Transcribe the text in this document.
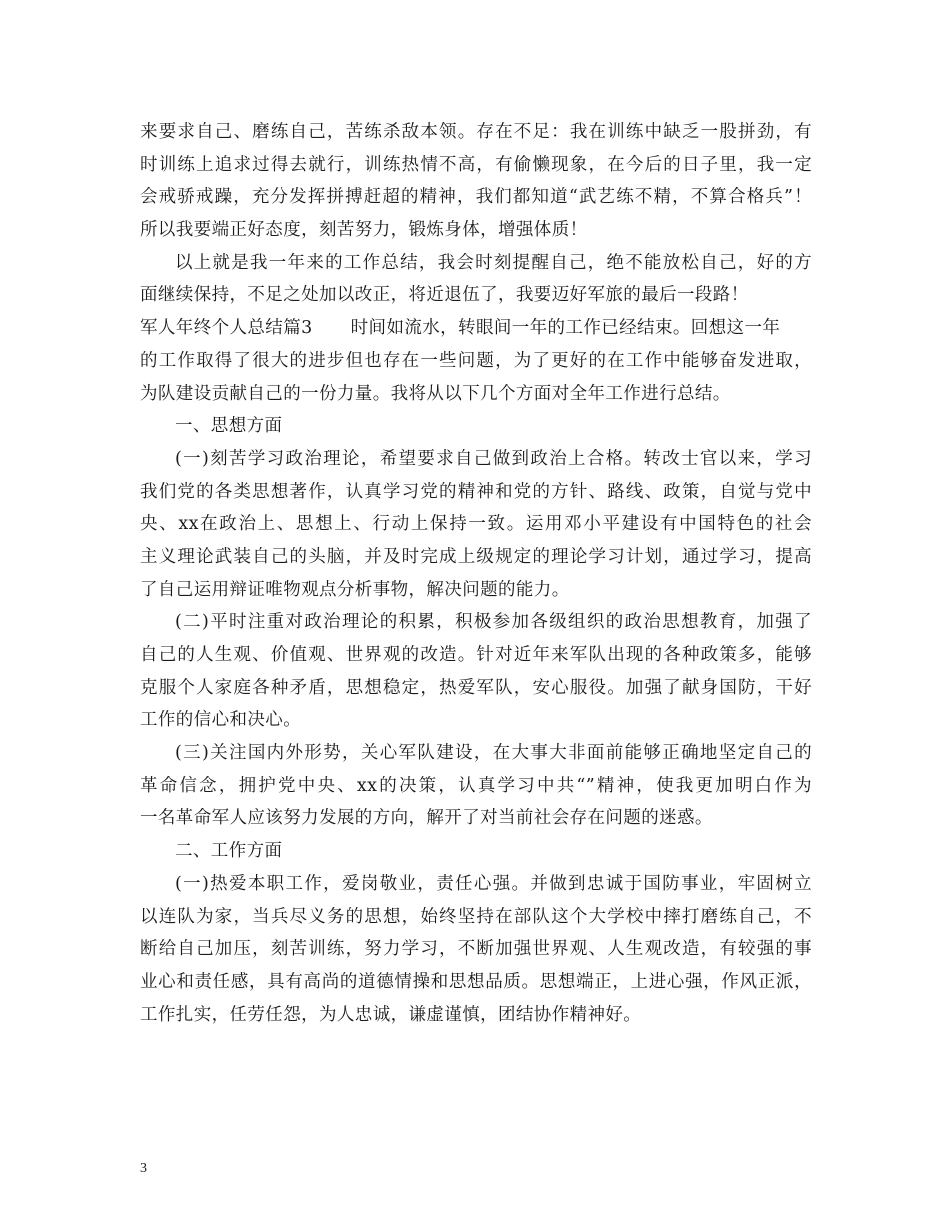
来要求自己、磨练自己，苦练杀敌本领。存在不足：我在训练中缺乏一股拼劲，有
时训练上追求过得去就行，训练热情不高，有偷懒现象，在今后的日子里，我一定
会戒骄戒躁，充分发挥拼搏赶超的精神，我们都知道“武艺练不精，不算合格兵”！
所以我要端正好态度，刻苦努力，锻炼身体，增强体质！
以上就是我一年来的工作总结，我会时刻提醒自己，绝不能放松自己，好的方
面继续保持，不足之处加以改正，将近退伍了，我要迈好军旅的最后一段路！
军人年终个人总结篇3 时间如流水，转眼间一年的工作已经结束。回想这一年
的工作取得了很大的进步但也存在一些问题，为了更好的在工作中能够奋发进取，
为队建设贡献自己的一份力量。我将从以下几个方面对全年工作进行总结。
一、思想方面
(一)刻苦学习政治理论，希望要求自己做到政治上合格。转改士官以来，学习
我们党的各类思想著作，认真学习党的精神和党的方针、路线、政策，自觉与党中
央、xx在政治上、思想上、行动上保持一致。运用邓小平建设有中国特色的社会
主义理论武装自己的头脑，并及时完成上级规定的理论学习计划，通过学习，提高
了自己运用辩证唯物观点分析事物，解决问题的能力。
(二)平时注重对政治理论的积累，积极参加各级组织的政治思想教育，加强了
自己的人生观、价值观、世界观的改造。针对近年来军队出现的各种政策多，能够
克服个人家庭各种矛盾，思想稳定，热爱军队，安心服役。加强了献身国防，干好
工作的信心和决心。
(三)关注国内外形势，关心军队建设，在大事大非面前能够正确地坚定自己的
革命信念，拥护党中央、xx的决策，认真学习中共“”精神，使我更加明白作为
一名革命军人应该努力发展的方向，解开了对当前社会存在问题的迷惑。
二、工作方面
(一)热爱本职工作，爱岗敬业，责任心强。并做到忠诚于国防事业，牢固树立
以连队为家，当兵尽义务的思想，始终坚持在部队这个大学校中摔打磨练自己，不
断给自己加压，刻苦训练，努力学习，不断加强世界观、人生观改造，有较强的事
业心和责任感，具有高尚的道德情操和思想品质。思想端正，上进心强，作风正派，
工作扎实，任劳任怨，为人忠诚，谦虚谨慎，团结协作精神好。
3
